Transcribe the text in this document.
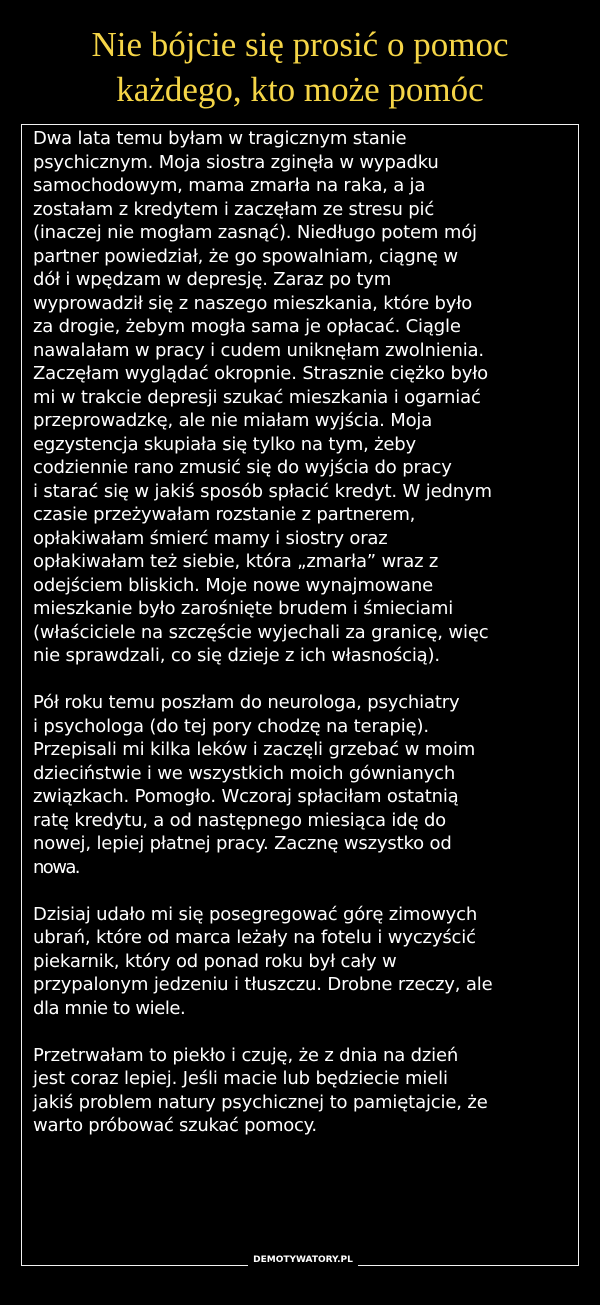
Nie bójcie się prosić o pomoc
każdego, kto może pomóc
Dwa lata temu byłam w tragicznym stanie
psychicznym. Moja siostra zginęła w wypadku
samochodowym, mama zmarła na raka, a ja
zostałam z kredytem i zaczęłam ze stresu pić
(inaczej nie mogłam zasnąć). Niedługo potem mój
partner powiedział, że go spowalniam, ciągnę w
dół i wpędzam w depresję. Zaraz po tym
wyprowadził się z naszego mieszkania, które było
za drogie, żebym mogła sama je opłacać. Ciągle
nawalałam w pracy i cudem uniknęłam zwolnienia.
Zaczęłam wyglądać okropnie. Strasznie ciężko było
mi w trakcie depresji szukać mieszkania i ogarniać
przeprowadzkę, ale nie miałam wyjścia. Moja
egzystencja skupiała się tylko na tym, żeby
codziennie rano zmusić się do wyjścia do pracy
i starać się w jakiś sposób spłacić kredyt. W jednym
czasie przeżywałam rozstanie z partnerem,
opłakiwałam śmierć mamy i siostry oraz
opłakiwałam też siebie, która „zmarła” wraz z
odejściem bliskich. Moje nowe wynajmowane
mieszkanie było zarośnięte brudem i śmieciami
(właściciele na szczęście wyjechali za granicę, więc
nie sprawdzali, co się dzieje z ich własnością).
Pół roku temu poszłam do neurologa, psychiatry
i psychologa (do tej pory chodzę na terapię).
Przepisali mi kilka leków i zaczęli grzebać w moim
dzieciństwie i we wszystkich moich gównianych
związkach. Pomogło. Wczoraj spłaciłam ostatnią
ratę kredytu, a od następnego miesiąca idę do
nowej, lepiej płatnej pracy. Zacznę wszystko od
nowa.
Dzisiaj udało mi się posegregować górę zimowych
ubrań, które od marca leżały na fotelu i wyczyścić
piekarnik, który od ponad roku był cały w
przypalonym jedzeniu i tłuszczu. Drobne rzeczy, ale
dla mnie to wiele.
Przetrwałam to piekło i czuję, że z dnia na dzień
jest coraz lepiej. Jeśli macie lub będziecie mieli
jakiś problem natury psychicznej to pamiętajcie, że
warto próbować szukać pomocy.
DEMOTYWATORY.PL
